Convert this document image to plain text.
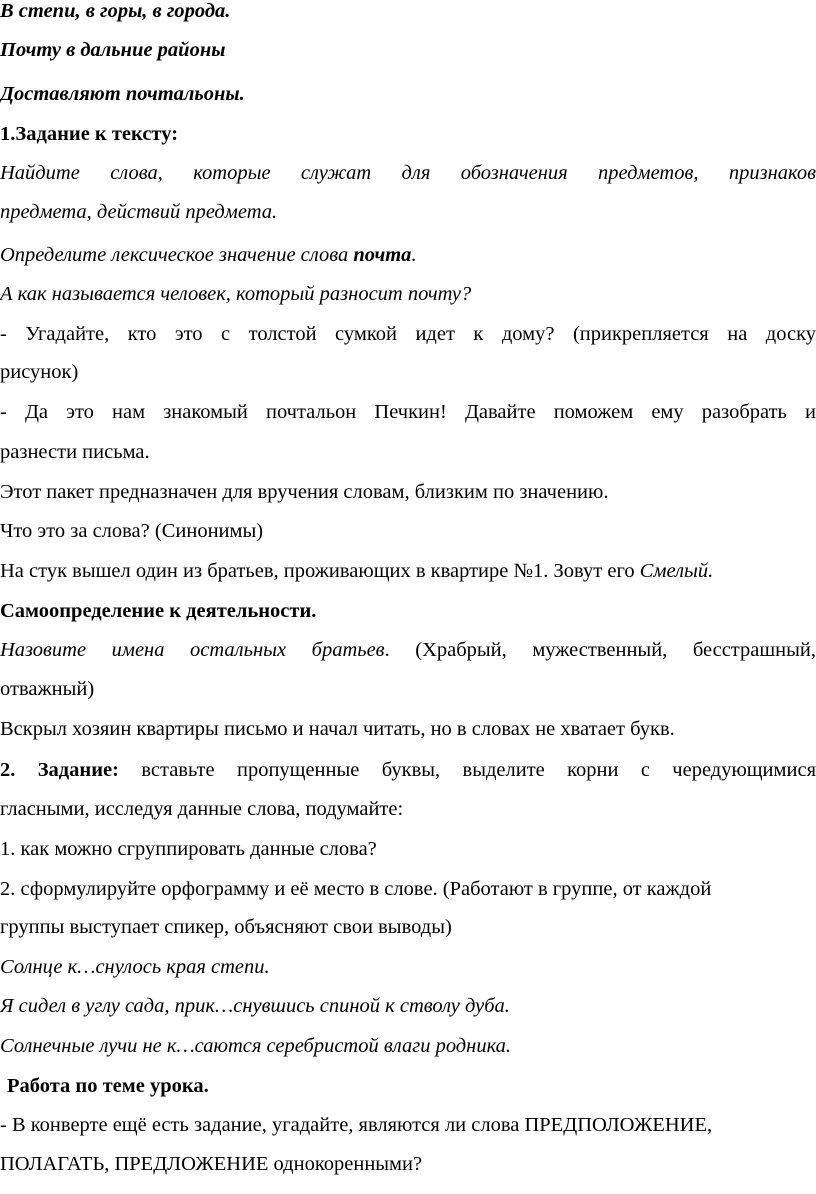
В степи, в горы, в города.
Почту в дальние районы
Доставляют почтальоны.
1.Задание к тексту:
Найдите слова, которые служат для обозначения предметов, признаков
предмета, действий предмета.
Определите лексическое значение слова почта.
А как называется человек, который разносит почту?
- Угадайте, кто это с толстой сумкой идет к дому? (прикрепляется на доску
рисунок)
- Да это нам знакомый почтальон Печкин! Давайте поможем ему разобрать и
разнести письма.
Этот пакет предназначен для вручения словам, близким по значению.
Что это за слова? (Синонимы)
На стук вышел один из братьев, проживающих в квартире №1. Зовут его Смелый.
Самоопределение к деятельности.
Назовите имена остальных братьев. (Храбрый, мужественный, бесстрашный,
отважный)
Вскрыл хозяин квартиры письмо и начал читать, но в словах не хватает букв.
2. Задание: вставьте пропущенные буквы, выделите корни с чередующимися
гласными, исследуя данные слова, подумайте:
1. как можно сгруппировать данные слова?
2. сформулируйте орфограмму и её место в слове. (Работают в группе, от каждой
группы выступает спикер, объясняют свои выводы)
Солнце к…снулось края степи.
Я сидел в углу сада, прик…снувшись спиной к стволу дуба.
Солнечные лучи не к…саются серебристой влаги родника.
Работа по теме урока.
- В конверте ещё есть задание, угадайте, являются ли слова ПРЕДПОЛОЖЕНИЕ,
ПОЛАГАТЬ, ПРЕДЛОЖЕНИЕ однокоренными?
